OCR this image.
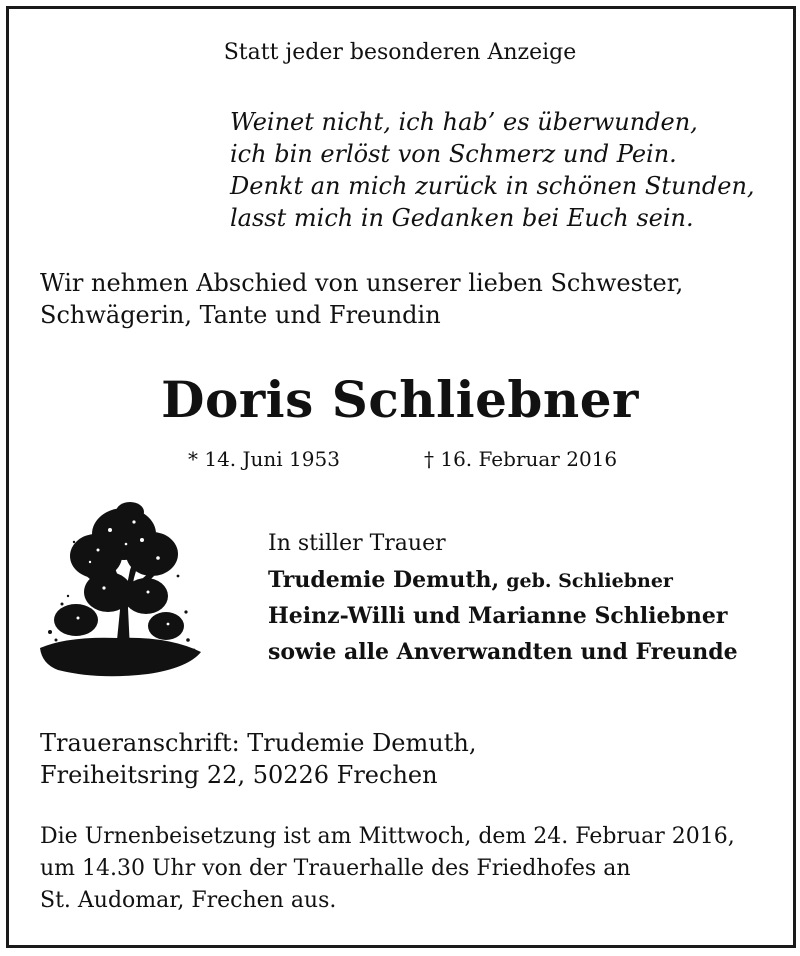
Statt jeder besonderen Anzeige
Weinet nicht, ich hab’ es überwunden,
ich bin erlöst von Schmerz und Pein.
Denkt an mich zurück in schönen Stunden,
lasst mich in Gedanken bei Euch sein.
Wir nehmen Abschied von unserer lieben Schwester,
Schwägerin, Tante und Freundin
Doris Schliebner
* 14. Juni 1953	† 16. Februar 2016
In stiller Trauer
Trudemie Demuth, geb. Schliebner
Heinz-Willi und Marianne Schliebner
sowie alle Anverwandten und Freunde
Traueranschrift: Trudemie Demuth,
Freiheitsring 22, 50226 Frechen
Die Urnenbeisetzung ist am Mittwoch, dem 24. Februar 2016,
um 14.30 Uhr von der Trauerhalle des Friedhofes an
St. Audomar, Frechen aus.
